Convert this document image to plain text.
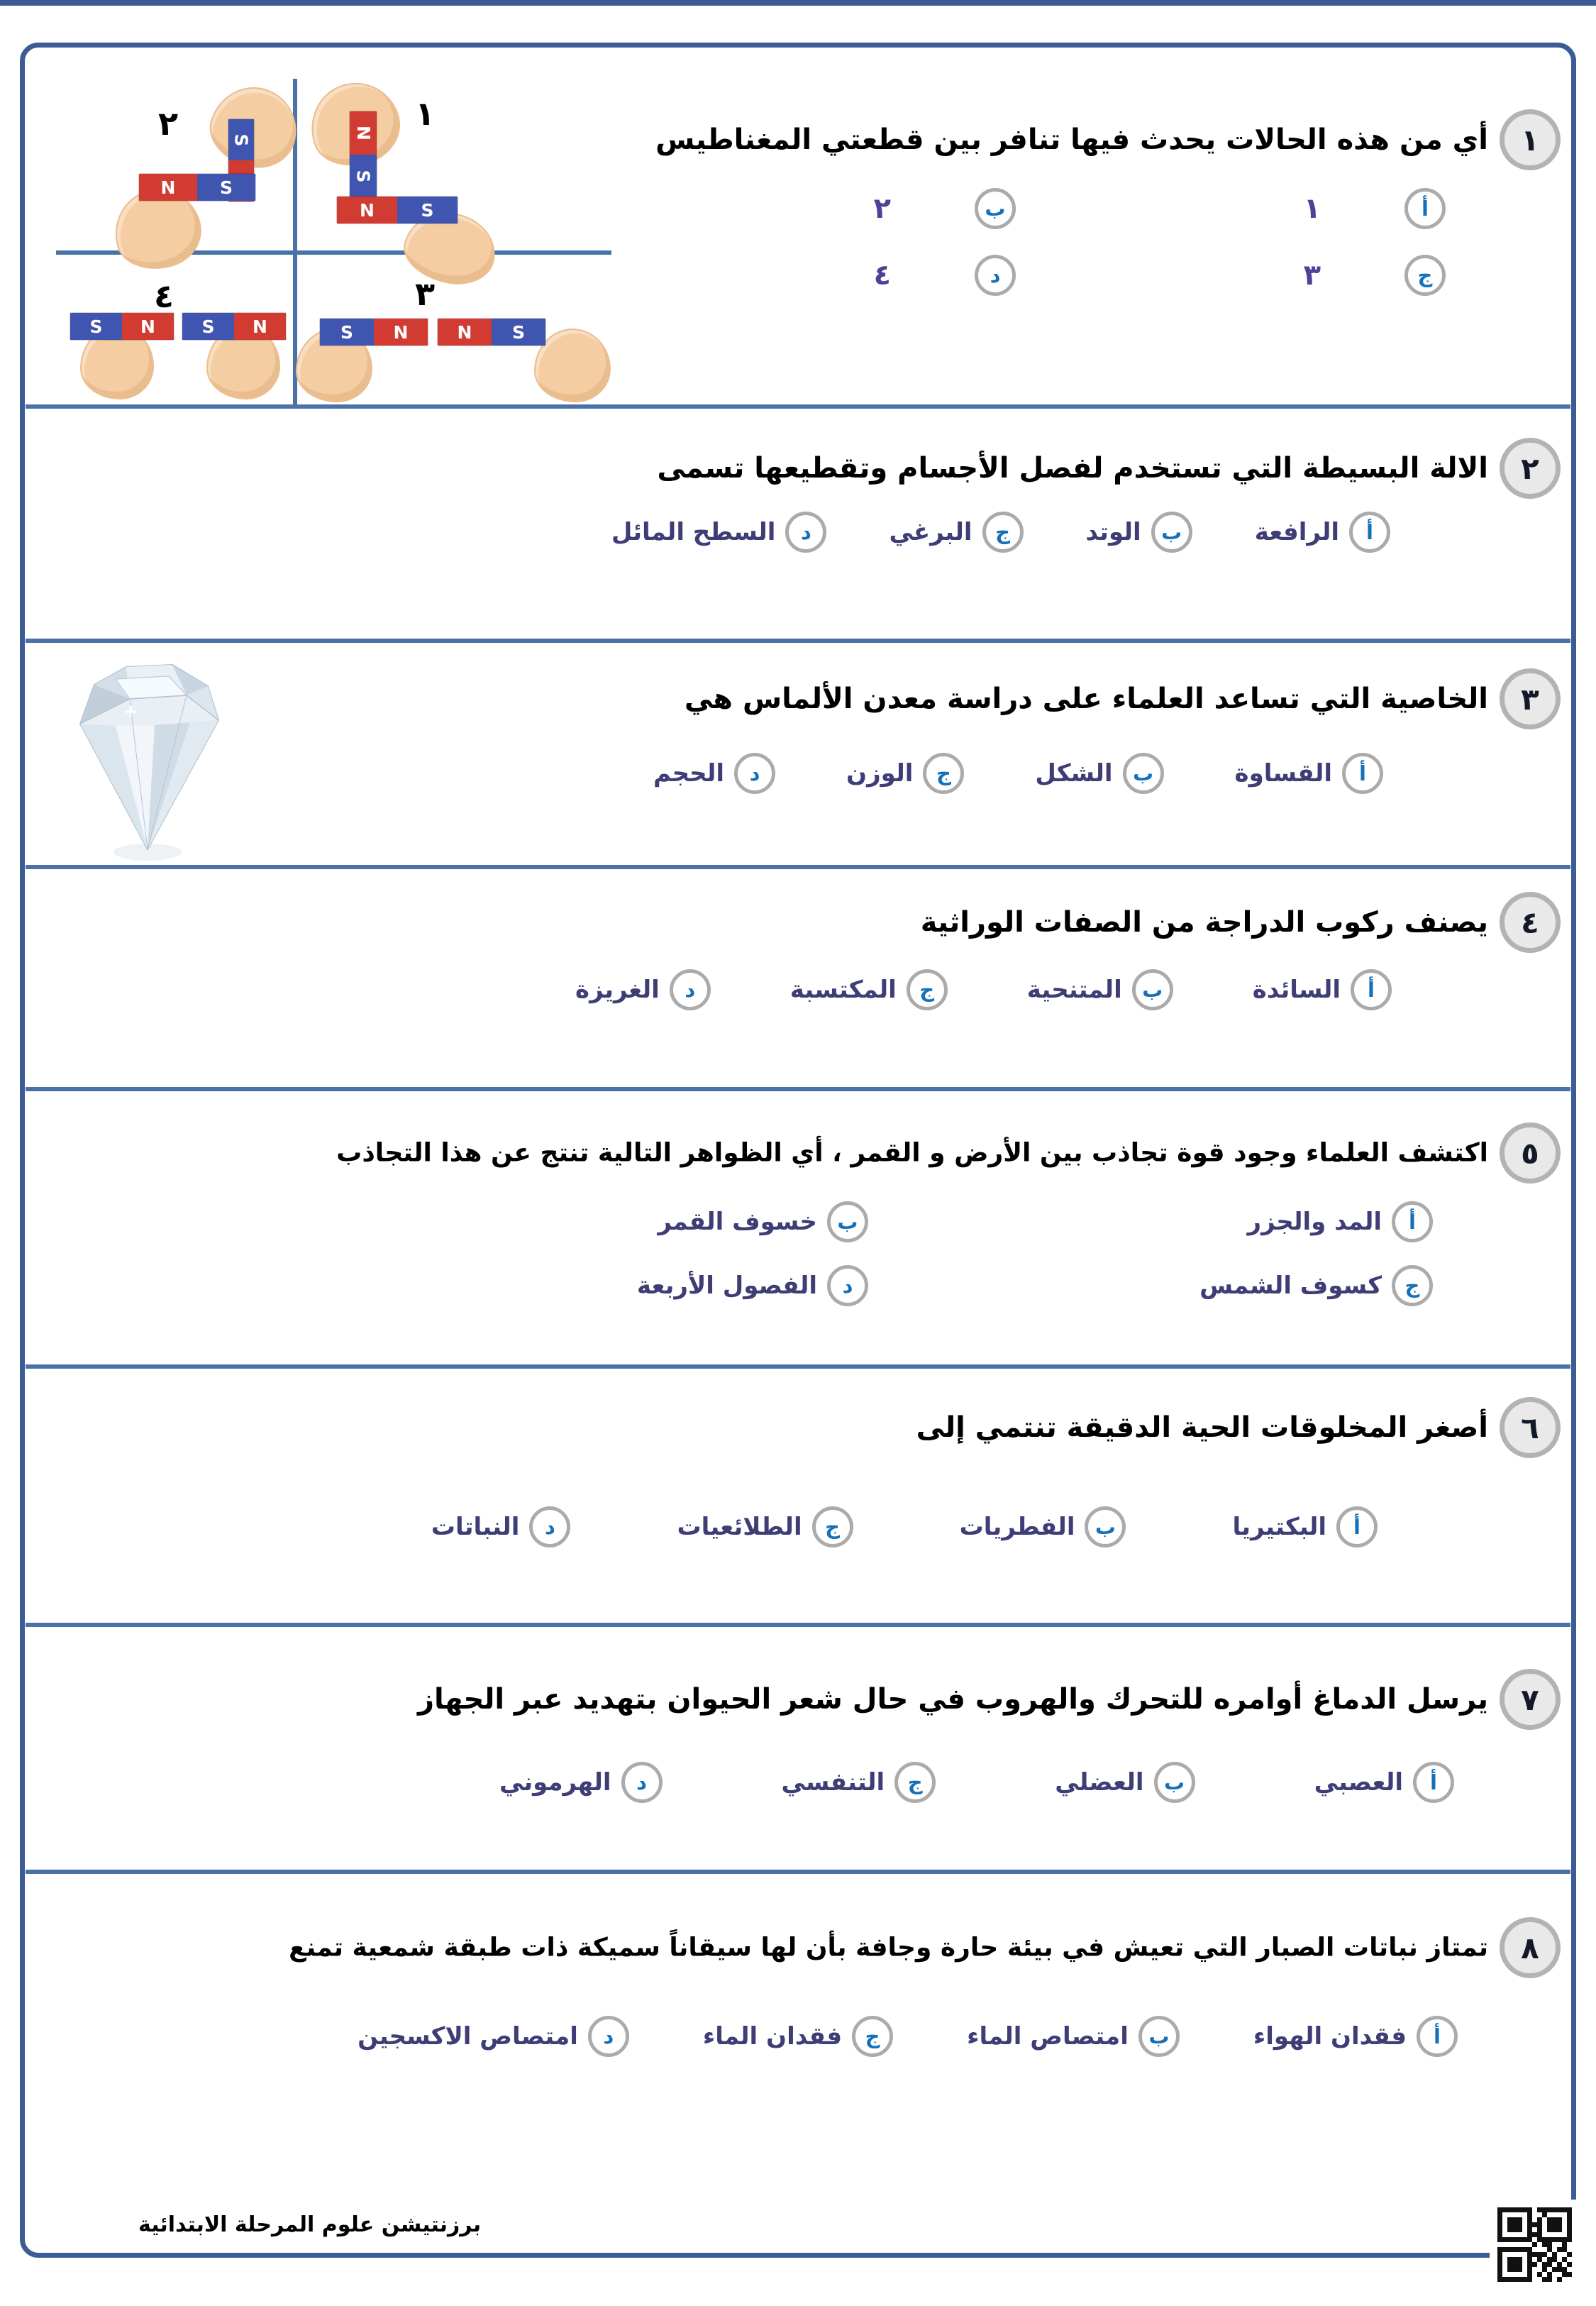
١
أي من هذه الحالات يحدث فيها تنافر بين قطعتي المغناطيس
أ
١
ب
٢
ج
٣
د
٤
١
N
S
N	S
٢	S
N	S
٣
S N	N S
٤
S N	S N
٢
الالة البسيطة التي تستخدم لفصل الأجسام وتقطيعها تسمى
أ
الرافعة
ب
الوتد
ج
البرغي
د
السطح المائل
٣
الخاصية التي تساعد العلماء على دراسة معدن الألماس هي
أ
القساوة
ب
الشكل
ج
الوزن
د
الحجم
٤
يصنف ركوب الدراجة من الصفات الوراثية
أ
السائدة
ب
المتنحية
ج
المكتسبة
د
الغريزة
٥
اكتشف العلماء وجود قوة تجاذب بين الأرض و القمر ، أي الظواهر التالية تنتج عن هذا التجاذب
أ
المد والجزر
ب
خسوف القمر
ج
كسوف الشمس
د
الفصول الأربعة
٦
أصغر المخلوقات الحية الدقيقة تنتمي إلى
أ
البكتيريا
ب
الفطريات
ج
الطلائعيات
د
النباتات
٧
يرسل الدماغ أوامره للتحرك والهروب في حال شعر الحيوان بتهديد عبر الجهاز
أ
العصبي
ب
العضلي
ج
التنفسي
د
الهرموني
٨
تمتاز نباتات الصبار التي تعيش في بيئة حارة وجافة بأن لها سيقاناً سميكة ذات طبقة شمعية تمنع
أ
فقدان الهواء
ب
امتصاص الماء
ج
فقدان الماء
د
امتصاص الاكسجين
برزنتيشن علوم المرحلة الابتدائية
